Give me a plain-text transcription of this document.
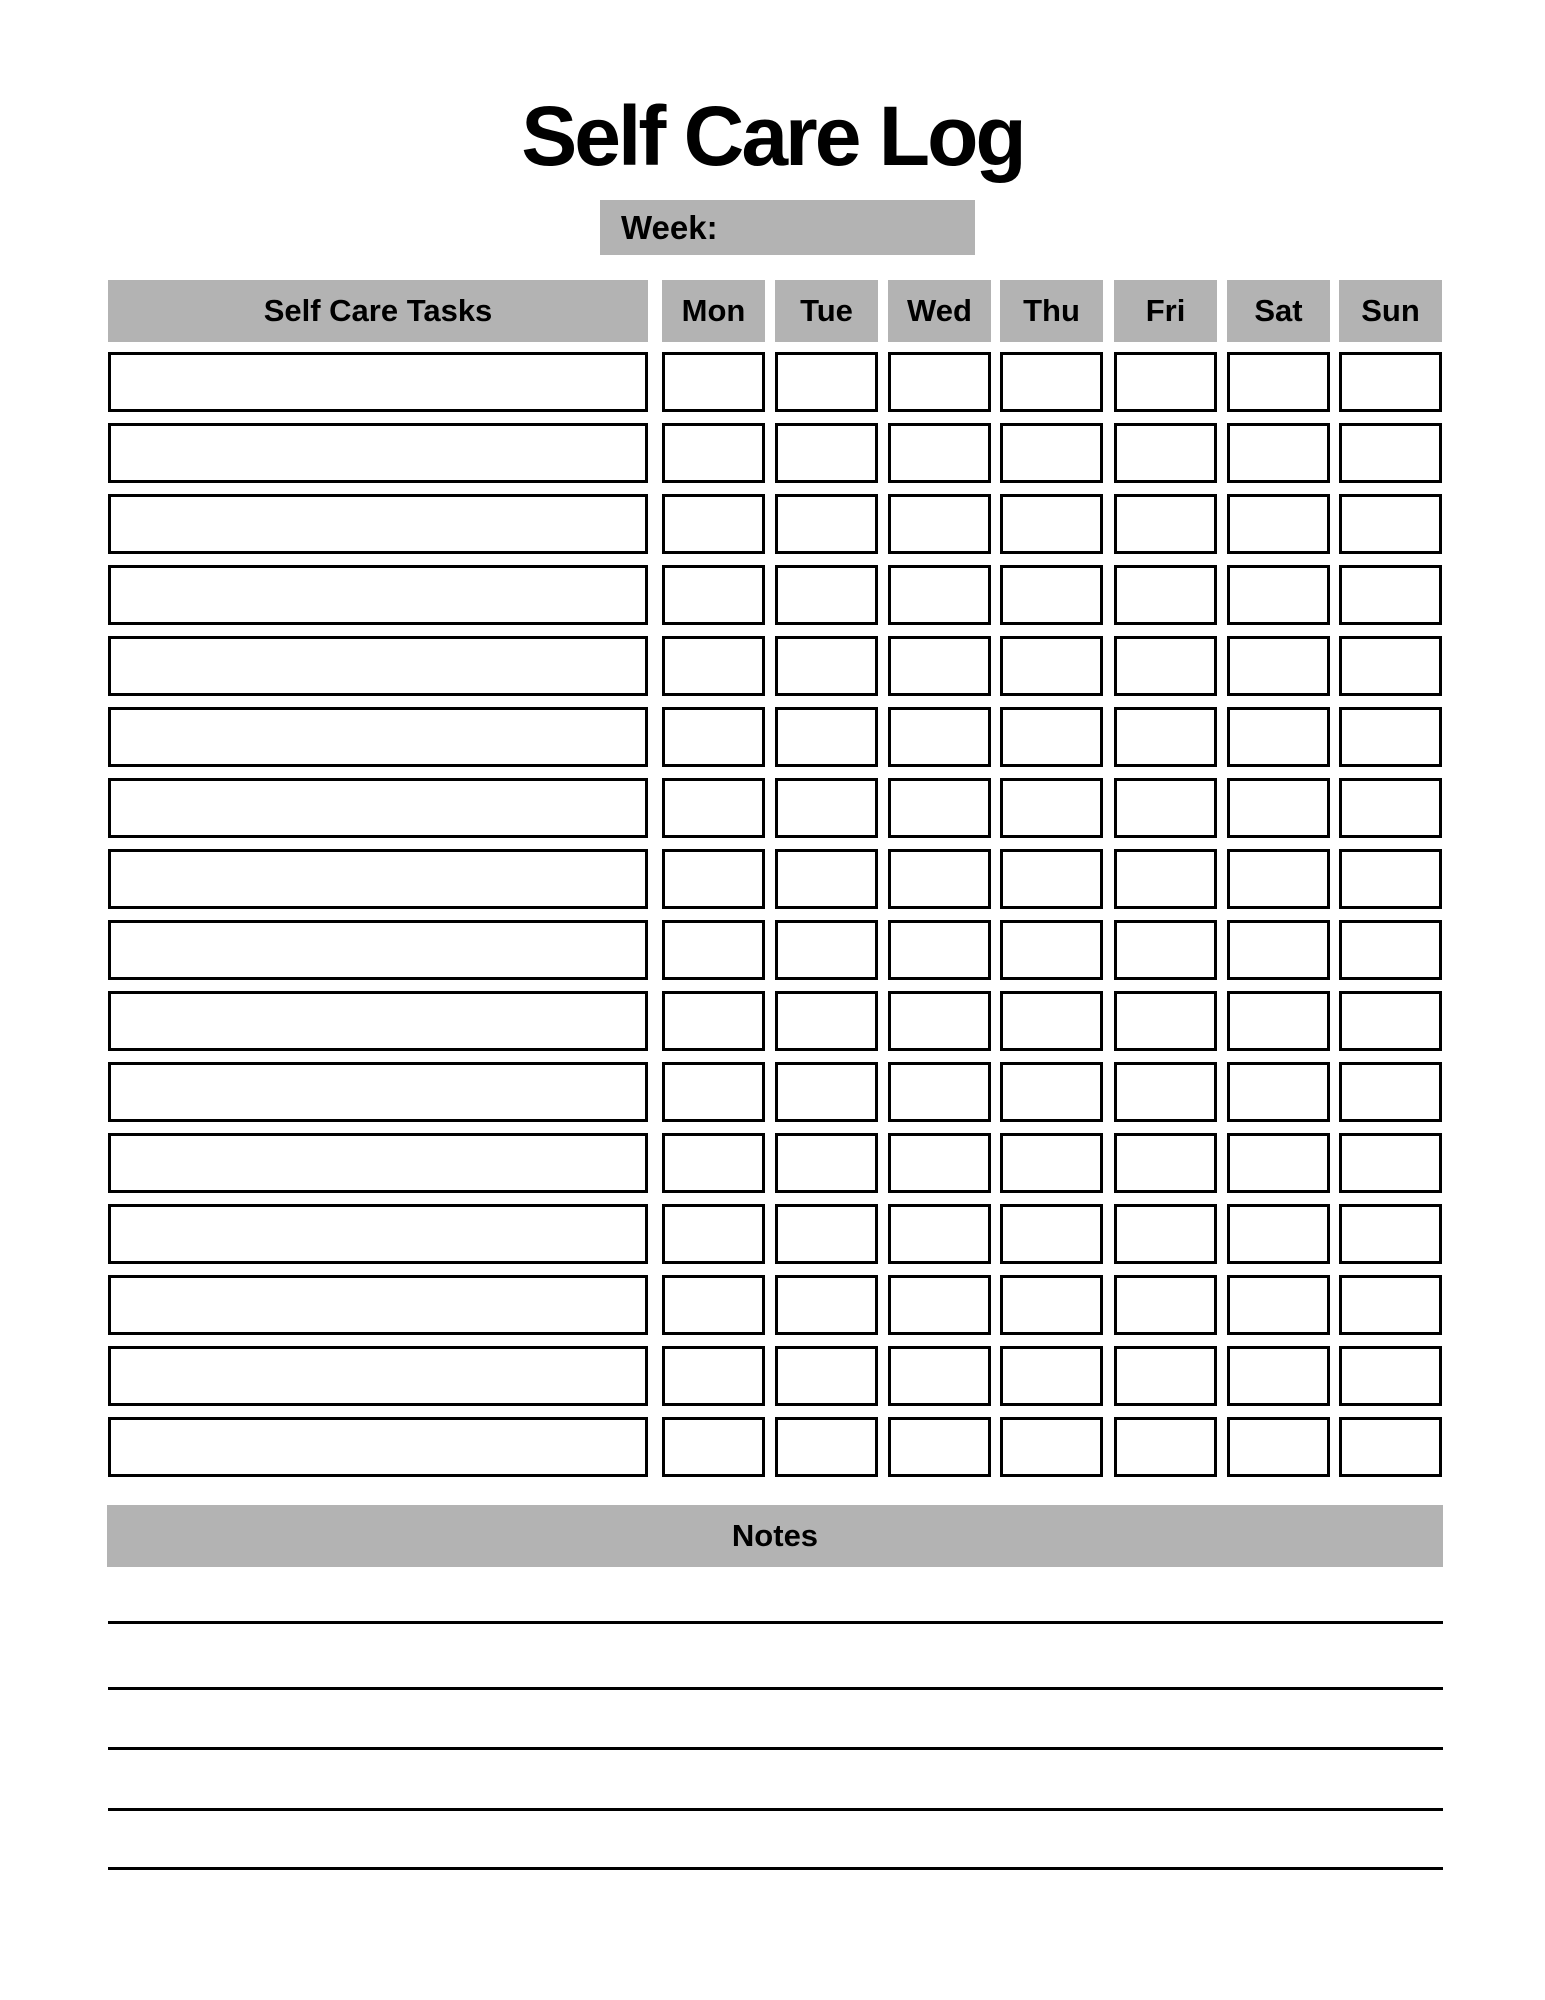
Self Care Log
Week:
Self Care Tasks	Mon	Tue	Wed	Thu	Fri	Sat	Sun
Notes
